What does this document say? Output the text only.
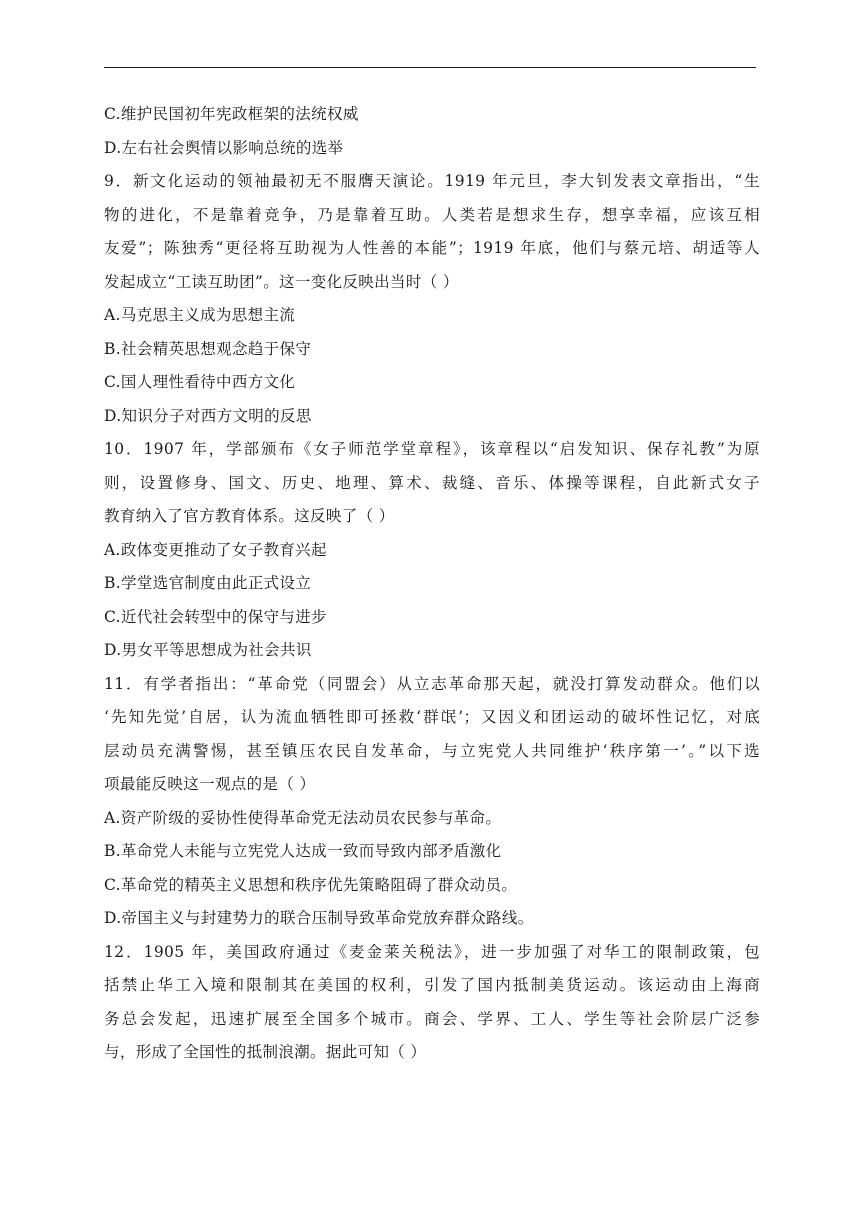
C.维护民国初年宪政框架的法统权威
D.左右社会舆情以影响总统的选举
9．新文化运动的领袖最初无不服膺天演论。1919 年元旦，李大钊发表文章指出，“生
物的进化，不是靠着竞争，乃是靠着互助。人类若是想求生存，想享幸福，应该互相
友爱”；陈独秀“更径将互助视为人性善的本能”；1919 年底，他们与蔡元培、胡适等人
发起成立“工读互助团”。这一变化反映出当时（ ）
A.马克思主义成为思想主流
B.社会精英思想观念趋于保守
C.国人理性看待中西方文化
D.知识分子对西方文明的反思
10．1907 年，学部颁布《女子师范学堂章程》，该章程以“启发知识、保存礼教”为原
则，设置修身、国文、历史、地理、算术、裁缝、音乐、体操等课程，自此新式女子
教育纳入了官方教育体系。这反映了（ ）
A.政体变更推动了女子教育兴起
B.学堂选官制度由此正式设立
C.近代社会转型中的保守与进步
D.男女平等思想成为社会共识
11．有学者指出：“革命党（同盟会）从立志革命那天起，就没打算发动群众。他们以
‘先知先觉’自居，认为流血牺牲即可拯救‘群氓’；又因义和团运动的破坏性记忆，对底
层动员充满警惕，甚至镇压农民自发革命，与立宪党人共同维护‘秩序第一’。”以下选
项最能反映这一观点的是（ ）
A.资产阶级的妥协性使得革命党无法动员农民参与革命。
B.革命党人未能与立宪党人达成一致而导致内部矛盾激化
C.革命党的精英主义思想和秩序优先策略阻碍了群众动员。
D.帝国主义与封建势力的联合压制导致革命党放弃群众路线。
12．1905 年，美国政府通过《麦金莱关税法》，进一步加强了对华工的限制政策，包
括禁止华工入境和限制其在美国的权利，引发了国内抵制美货运动。该运动由上海商
务总会发起，迅速扩展至全国多个城市。商会、学界、工人、学生等社会阶层广泛参
与，形成了全国性的抵制浪潮。据此可知（ ）
